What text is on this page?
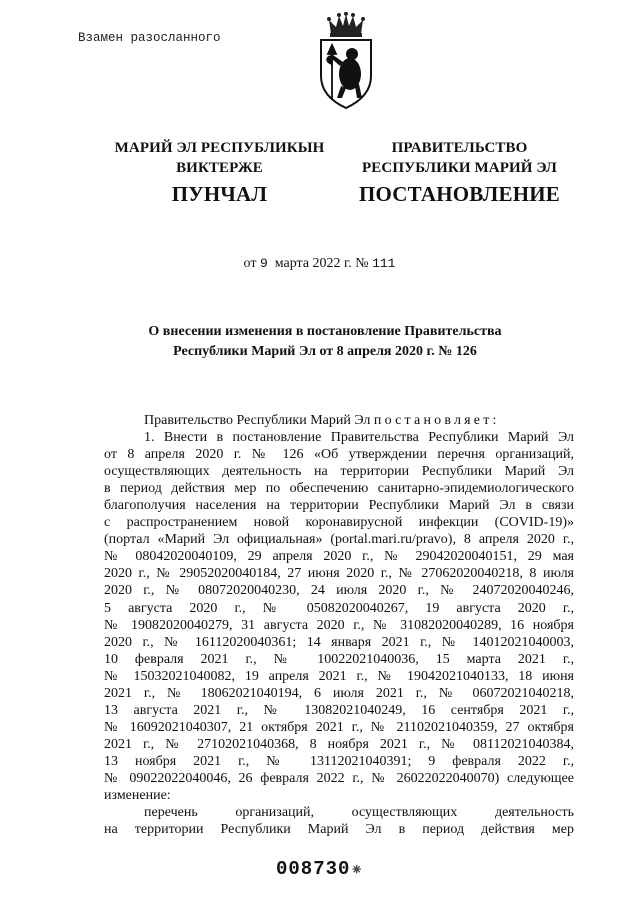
Взамен разосланного
МАРИЙ ЭЛ РЕСПУБЛИКЫН
ВИКТЕРЖЕ
ПРАВИТЕЛЬСТВО
РЕСПУБЛИКИ МАРИЙ ЭЛ
ПУНЧАЛ	ПОСТАНОВЛЕНИЕ
от 9 марта 2022 г. № 111
О внесении изменения в постановление Правительства
Республики Марий Эл от 8 апреля 2020 г. № 126
Правительство Республики Марий Эл постановляет:
1. Внести в постановление Правительства Республики Марий Эл
от 8 апреля 2020 г. № 126 «Об утверждении перечня организаций,
осуществляющих деятельность на территории Республики Марий Эл
в период действия мер по обеспечению санитарно-эпидемиологического
благополучия населения на территории Республики Марий Эл в связи
с распространением новой коронавирусной инфекции (COVID-19)»
(портал «Марий Эл официальная» (portal.mari.ru/pravo), 8 апреля 2020 г.,
№ 08042020040109, 29 апреля 2020 г., № 29042020040151, 29 мая
2020 г., № 29052020040184, 27 июня 2020 г., № 27062020040218, 8 июля
2020 г., № 08072020040230, 24 июля 2020 г., № 24072020040246,
5 августа 2020 г., № 05082020040267, 19 августа 2020 г.,
№ 19082020040279, 31 августа 2020 г., № 31082020040289, 16 ноября
2020 г., № 16112020040361; 14 января 2021 г., № 14012021040003,
10 февраля 2021 г., № 10022021040036, 15 марта 2021 г.,
№ 15032021040082, 19 апреля 2021 г., № 19042021040133, 18 июня
2021 г., № 18062021040194, 6 июля 2021 г., № 06072021040218,
13 августа 2021 г., № 13082021040249, 16 сентября 2021 г.,
№ 16092021040307, 21 октября 2021 г., № 21102021040359, 27 октября
2021 г., № 27102021040368, 8 ноября 2021 г., № 08112021040384,
13 ноября 2021 г., № 13112021040391; 9 февраля 2022 г.,
№ 09022022040046, 26 февраля 2022 г., № 26022022040070) следующее
изменение:
перечень организаций, осуществляющих деятельность
на территории Республики Марий Эл в период действия мер
008730 ⁕
